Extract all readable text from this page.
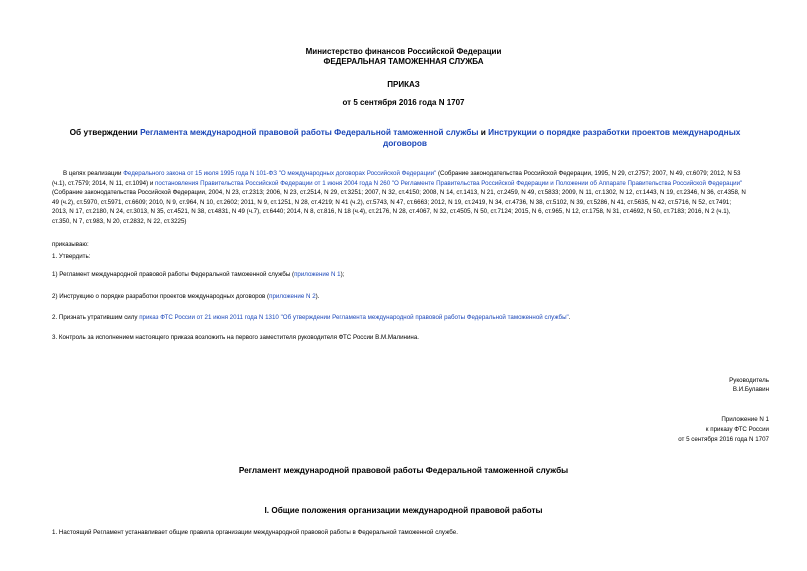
Министерство финансов Российской Федерации
ФЕДЕРАЛЬНАЯ ТАМОЖЕННАЯ СЛУЖБА
ПРИКАЗ
от 5 сентября 2016 года N 1707
Об утверждении Регламента международной правовой работы Федеральной таможенной службы и Инструкции о порядке разработки проектов международных договоров
В целях реализации Федерального закона от 15 июля 1995 года N 101-ФЗ "О международных договорах Российской Федерации" (Собрание законодательства Российской Федерации, 1995, N 29, ст.2757; 2007, N 49, ст.6079; 2012, N 53 (ч.1), ст.7579; 2014, N 11, ст.1094) и постановления Правительства Российской Федерации от 1 июня 2004 года N 260 "О Регламенте Правительства Российской Федерации и Положении об Аппарате Правительства Российской Федерации" (Собрание законодательства Российской Федерации, 2004, N 23, ст.2313; 2006, N 23, ст.2514, N 29, ст.3251; 2007, N 32, ст.4150; 2008, N 14, ст.1413, N 21, ст.2459, N 49, ст.5833; 2009, N 11, ст.1302, N 12, ст.1443, N 19, ст.2346, N 36, ст.4358, N 49 (ч.2), ст.5970, ст.5971, ст.6609; 2010, N 9, ст.964, N 10, ст.2602; 2011, N 9, ст.1251, N 28, ст.4219; N 41 (ч.2), ст.5743, N 47, ст.6663; 2012, N 19, ст.2419, N 34, ст.4736, N 38, ст.5102, N 39, ст.5286, N 41, ст.5635, N 42, ст.5716, N 52, ст.7491; 2013, N 17, ст.2180, N 24, ст.3013, N 35, ст.4521, N 38, ст.4831, N 49 (ч.7), ст.6440; 2014, N 8, ст.816, N 18 (ч.4), ст.2176, N 28, ст.4067, N 32, ст.4505, N 50, ст.7124; 2015, N 6, ст.965, N 12, ст.1758, N 31, ст.4692, N 50, ст.7183; 2016, N 2 (ч.1), ст.350, N 7, ст.983, N 20, ст.2832, N 22, ст.3225)
приказываю:
1. Утвердить:
1) Регламент международной правовой работы Федеральной таможенной службы (приложение N 1);
2) Инструкцию о порядке разработки проектов международных договоров (приложение N 2).
2. Признать утратившим силу приказ ФТС России от 21 июня 2011 года N 1310 "Об утверждении Регламента международной правовой работы Федеральной таможенной службы".
3. Контроль за исполнением настоящего приказа возложить на первого заместителя руководителя ФТС России В.М.Малинина.
Руководитель
В.И.Булавин
Приложение N 1
к приказу ФТС России
от 5 сентября 2016 года N 1707
Регламент международной правовой работы Федеральной таможенной службы
I. Общие положения организации международной правовой работы
1. Настоящий Регламент устанавливает общие правила организации международной правовой работы в Федеральной таможенной службе.
